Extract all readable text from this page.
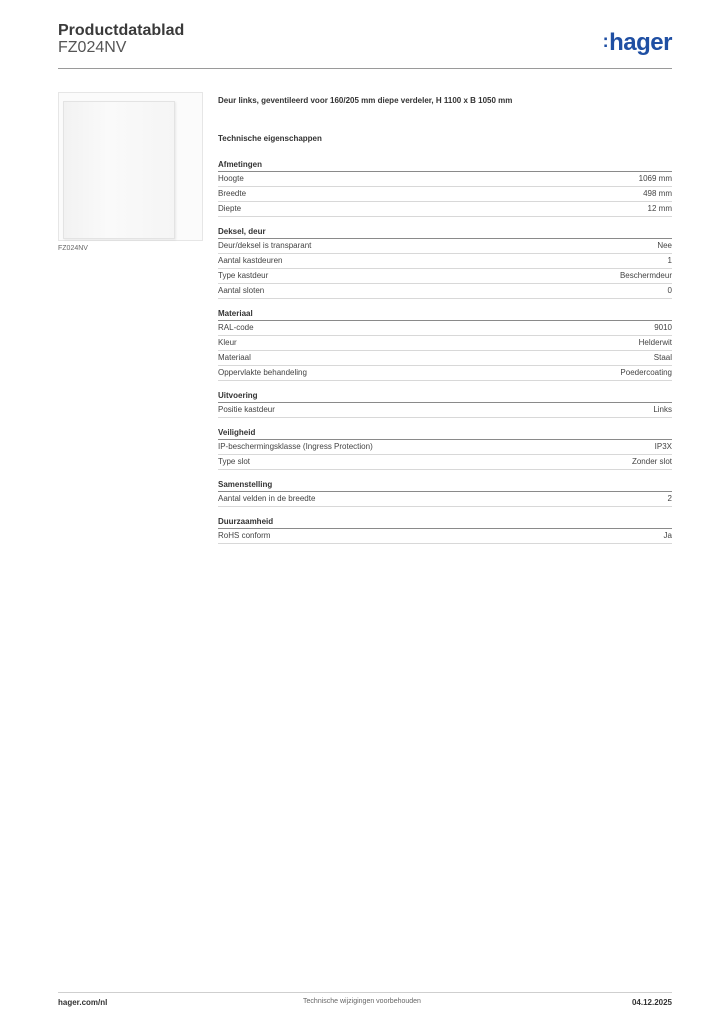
Productdatablad
FZ024NV	:hager
FZ024NV
Deur links, geventileerd voor 160/205 mm diepe verdeler, H 1100 x B 1050 mm
Technische eigenschappen
Afmetingen
Hoogte	1069 mm
Breedte	498 mm
Diepte	12 mm
Deksel, deur
Deur/deksel is transparant	Nee
Aantal kastdeuren	1
Type kastdeur	Beschermdeur
Aantal sloten	0
Materiaal
RAL-code	9010
Kleur	Helderwit
Materiaal	Staal
Oppervlakte behandeling	Poedercoating
Uitvoering
Positie kastdeur	Links
Veiligheid
IP-beschermingsklasse (Ingress Protection)	IP3X
Type slot	Zonder slot
Samenstelling
Aantal velden in de breedte	2
Duurzaamheid
RoHS conform	Ja
hager.com/nl	Technische wijzigingen voorbehouden	04.12.2025
